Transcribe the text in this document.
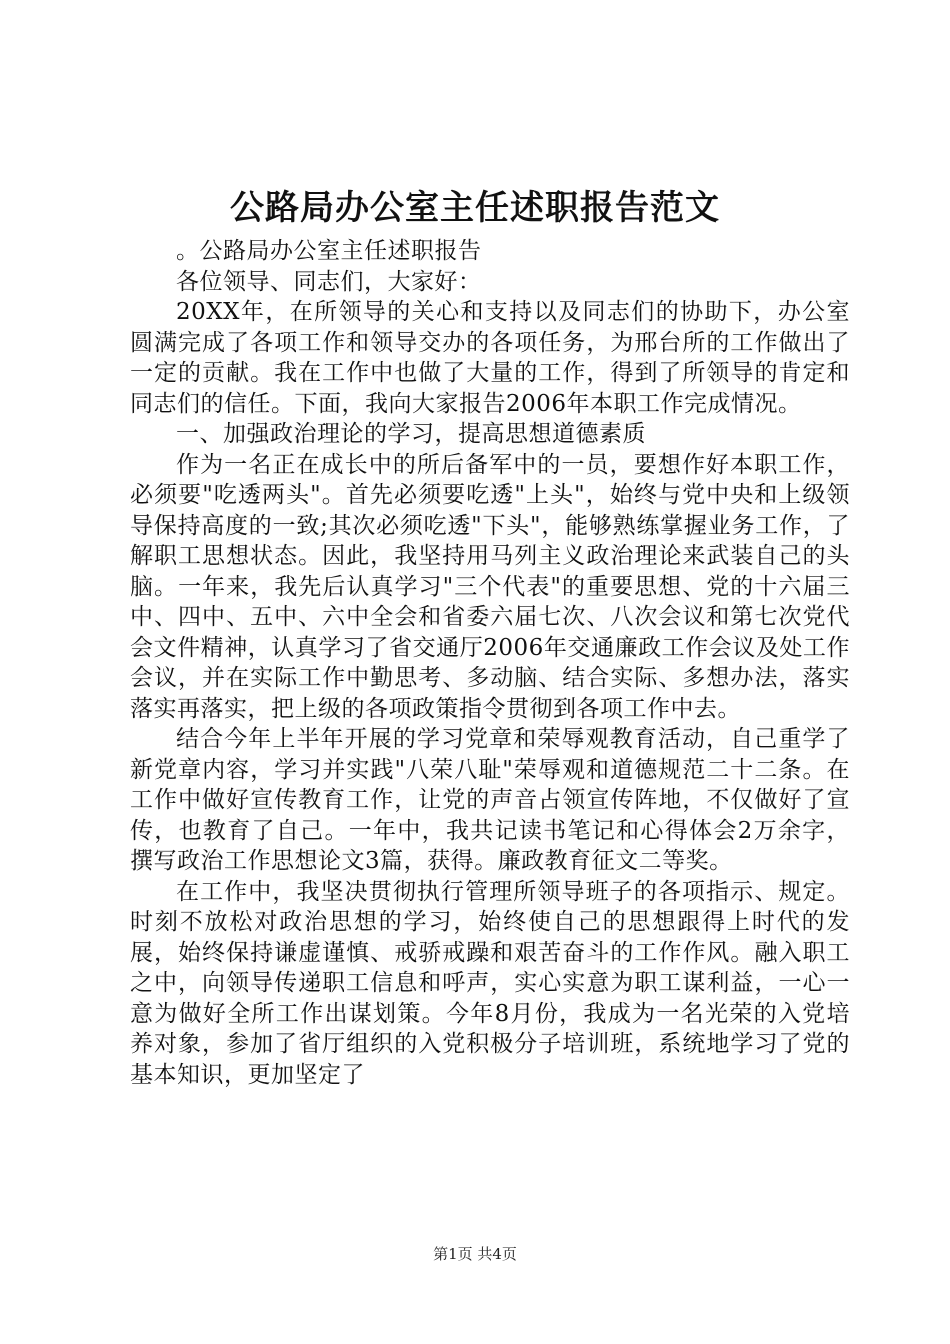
公路局办公室主任述职报告范文

。公路局办公室主任述职报告

各位领导、同志们，大家好：

20XX年，在所领导的关心和支持以及同志们的协助下，办公室圆满完成了各项工作和领导交办的各项任务，为邢台所的工作做出了一定的贡献。我在工作中也做了大量的工作，得到了所领导的肯定和同志们的信任。下面，我向大家报告2006年本职工作完成情况。

一、加强政治理论的学习，提高思想道德素质

作为一名正在成长中的所后备军中的一员，要想作好本职工作，必须要"吃透两头"。首先必须要吃透"上头"，始终与党中央和上级领导保持高度的一致;其次必须吃透"下头"，能够熟练掌握业务工作，了解职工思想状态。因此，我坚持用马列主义政治理论来武装自己的头脑。一年来，我先后认真学习"三个代表"的重要思想、党的十六届三中、四中、五中、六中全会和省委六届七次、八次会议和第七次党代会文件精神，认真学习了省交通厅2006年交通廉政工作会议及处工作会议，并在实际工作中勤思考、多动脑、结合实际、多想办法，落实落实再落实，把上级的各项政策指令贯彻到各项工作中去。

结合今年上半年开展的学习党章和荣辱观教育活动，自己重学了新党章内容，学习并实践"八荣八耻"荣辱观和道德规范二十二条。在工作中做好宣传教育工作，让党的声音占领宣传阵地，不仅做好了宣传，也教育了自己。一年中，我共记读书笔记和心得体会2万余字，撰写政治工作思想论文3篇，获得。廉政教育征文二等奖。

在工作中，我坚决贯彻执行管理所领导班子的各项指示、规定。时刻不放松对政治思想的学习，始终使自己的思想跟得上时代的发展，始终保持谦虚谨慎、戒骄戒躁和艰苦奋斗的工作作风。融入职工之中，向领导传递职工信息和呼声，实心实意为职工谋利益，一心一意为做好全所工作出谋划策。今年8月份，我成为一名光荣的入党培养对象，参加了省厅组织的入党积极分子培训班，系统地学习了党的基本知识，更加坚定了

第1页 共4页
